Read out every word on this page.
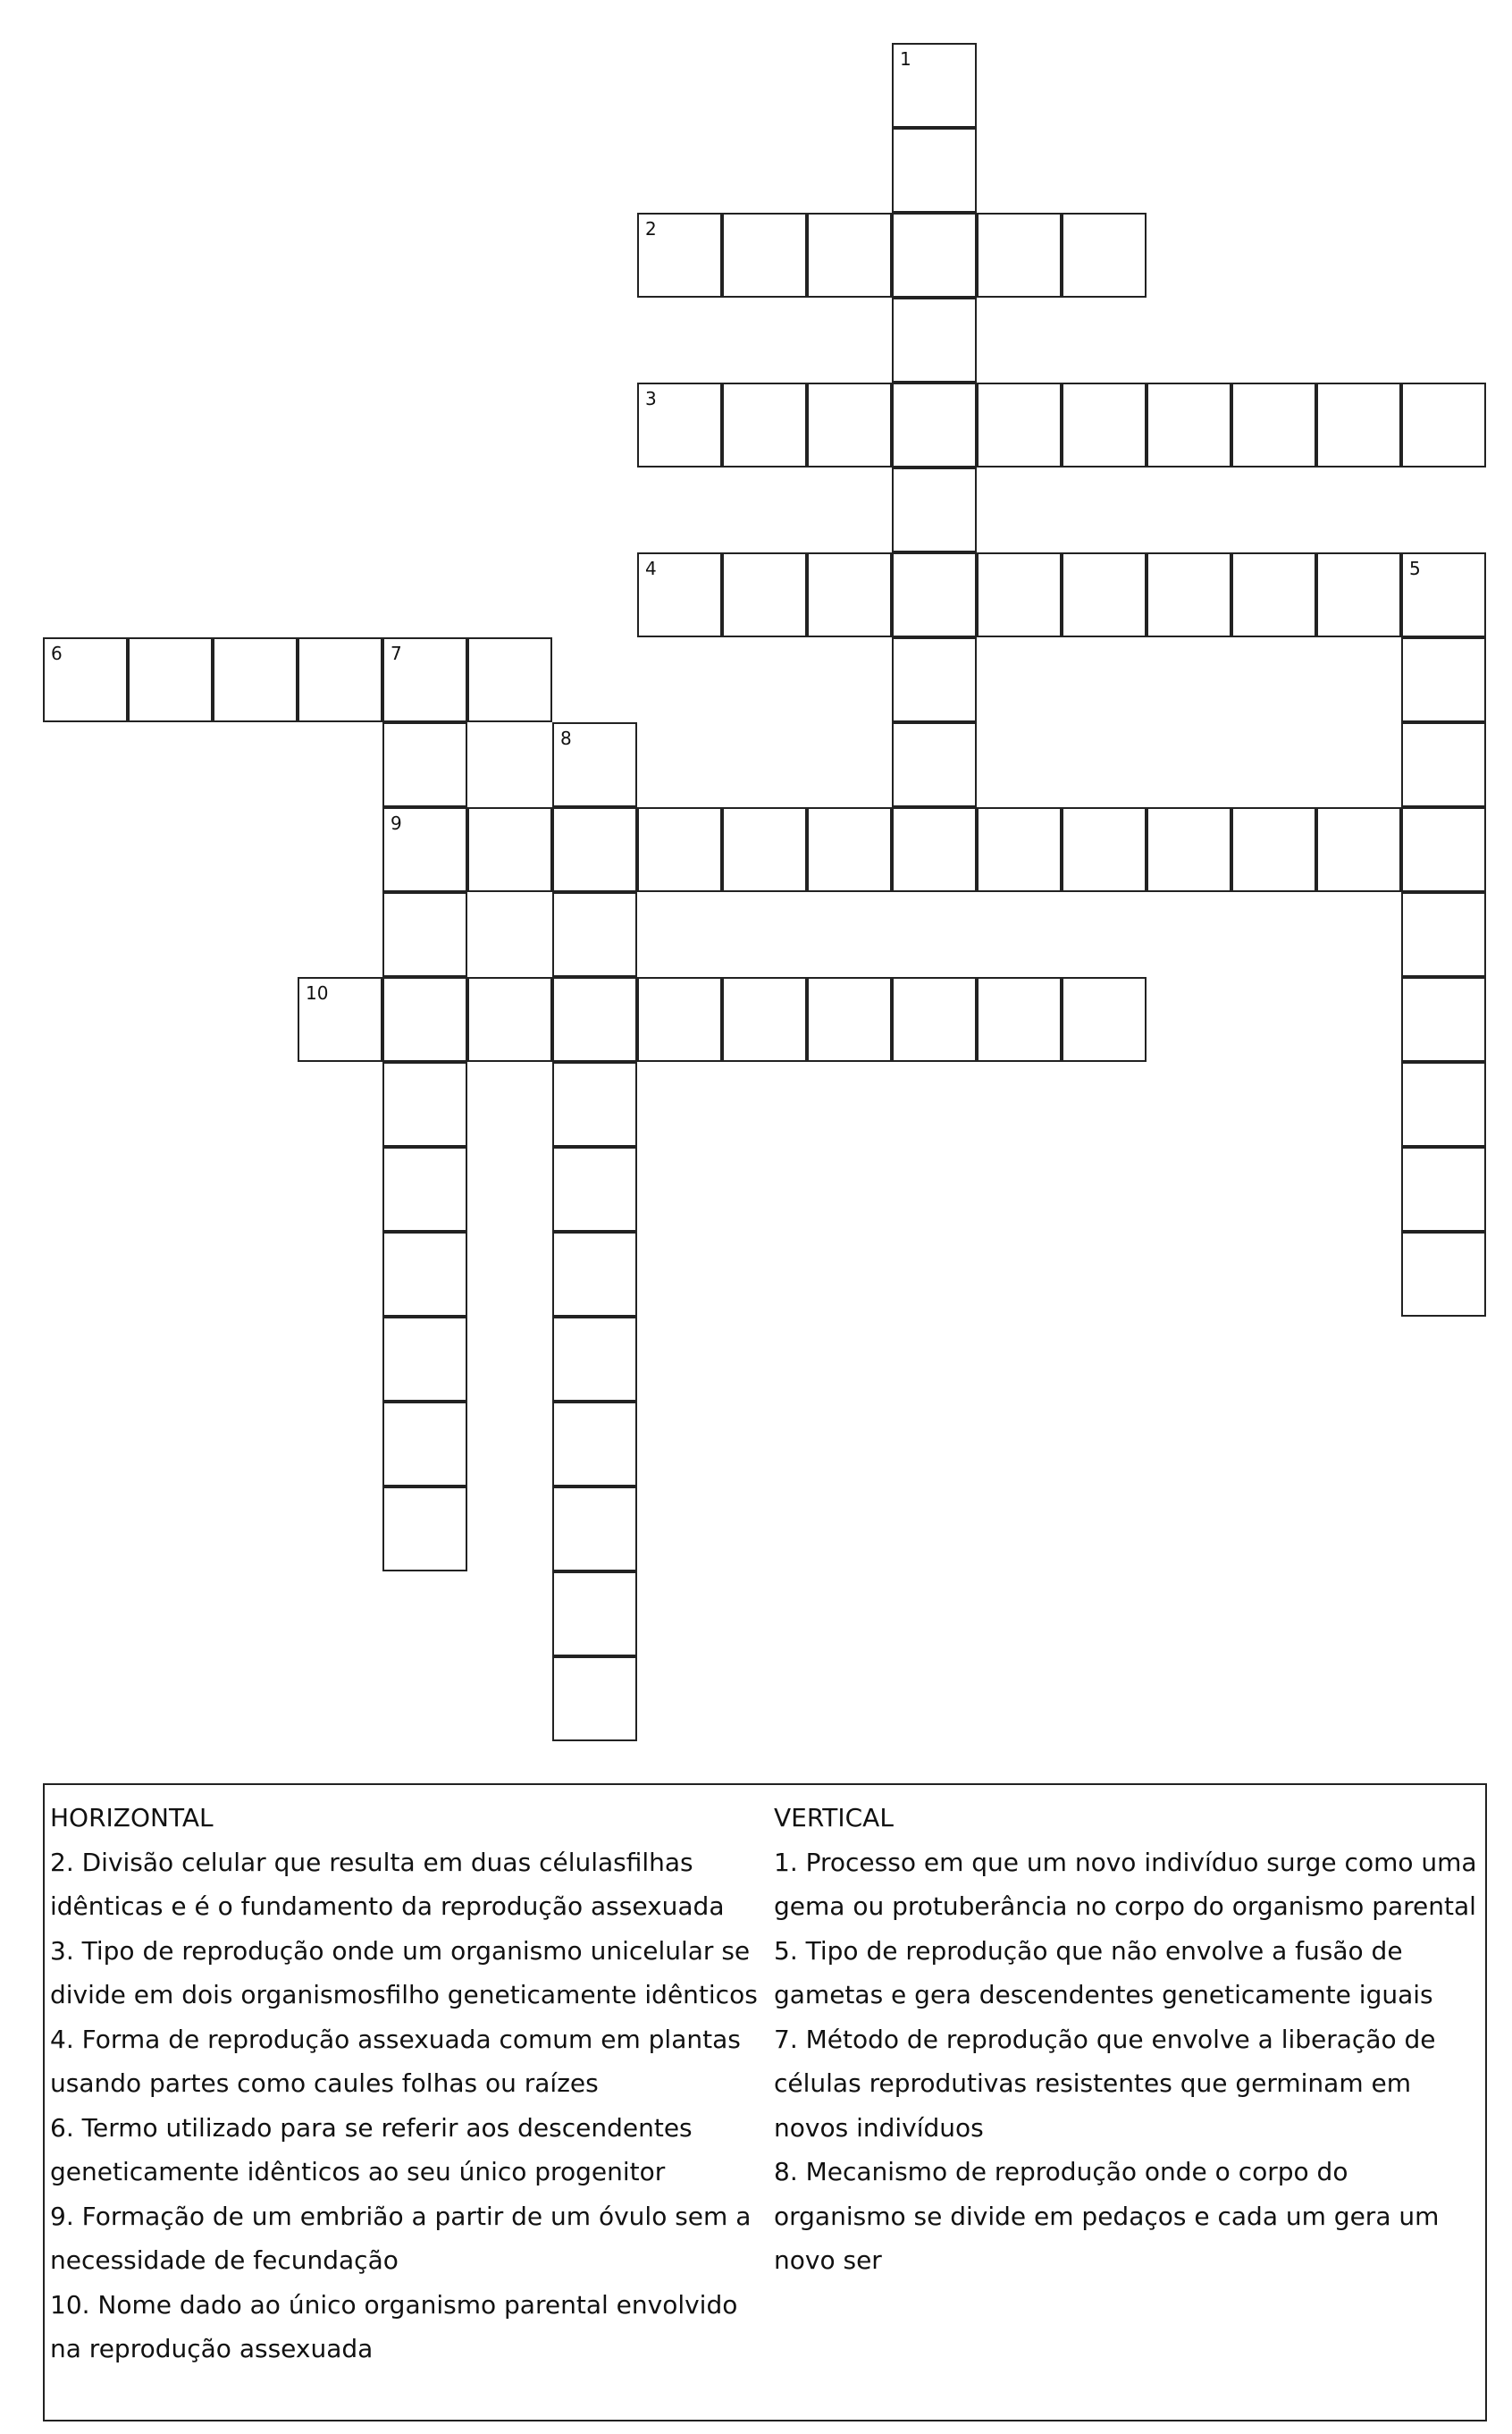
1
2
3
4	5
6	7
9
8
10

HORIZONTAL

2. Divisão celular que resulta em duas célulasfilhas idênticas e é o fundamento da reprodução assexuada

3. Tipo de reprodução onde um organismo unicelular se divide em dois organismosfilho geneticamente idênticos

4. Forma de reprodução assexuada comum em plantas usando partes como caules folhas ou raízes

6. Termo utilizado para se referir aos descendentes geneticamente idênticos ao seu único progenitor

9. Formação de um embrião a partir de um óvulo sem a necessidade de fecundação

10. Nome dado ao único organismo parental envolvido na reprodução assexuada

VERTICAL

1. Processo em que um novo indivíduo surge como uma gema ou protuberância no corpo do organismo parental

5. Tipo de reprodução que não envolve a fusão de gametas e gera descendentes geneticamente iguais

7. Método de reprodução que envolve a liberação de células reprodutivas resistentes que germinam em novos indivíduos

8. Mecanismo de reprodução onde o corpo do organismo se divide em pedaços e cada um gera um novo ser
